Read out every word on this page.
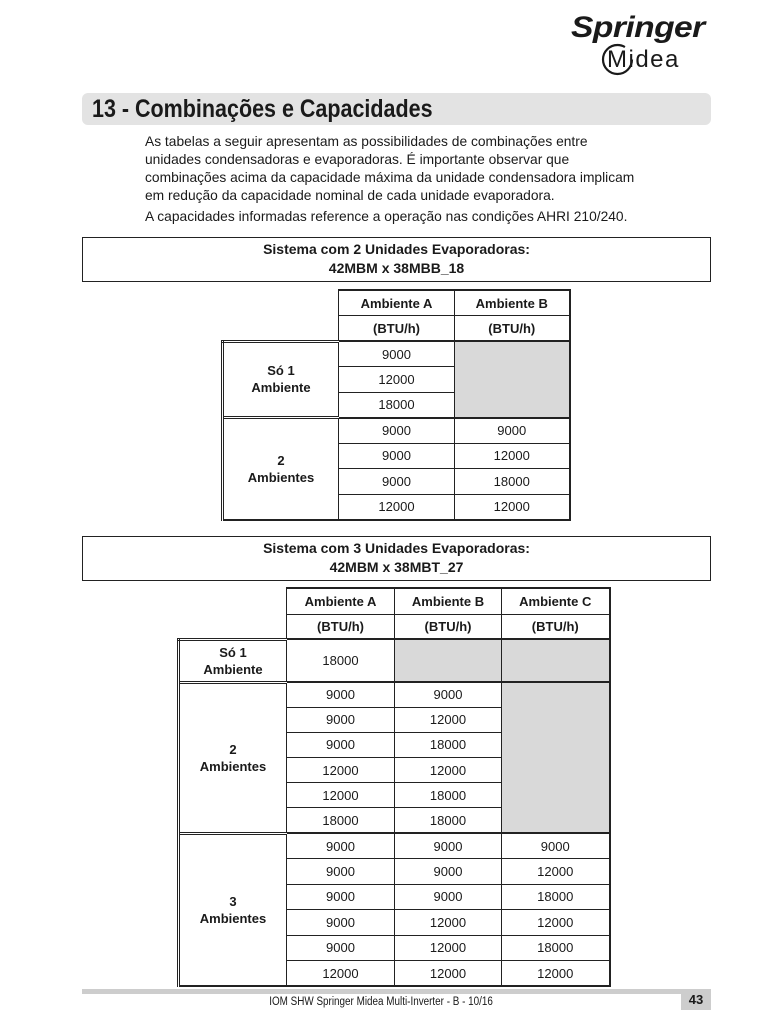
Springer
Midea
13 - Combinações e Capacidades
As tabelas a seguir apresentam as possibilidades de combinações entre
unidades condensadoras e evaporadoras. É importante observar que
combinações acima da capacidade máxima da unidade condensadora implicam
em redução da capacidade nominal de cada unidade evaporadora.
A capacidades informadas reference a operação nas condições AHRI 210/240.
Sistema com 2 Unidades Evaporadoras:
42MBM x 38MBB_18
	Ambiente A	Ambiente B
	(BTU/h)	(BTU/h)

Só 1
Ambiente	9000	
	12000	
	18000	

2
Ambientes	9000	9000
	9000	12000
	9000	18000
	12000	12000
Sistema com 3 Unidades Evaporadoras:
42MBM x 38MBT_27
	Ambiente A	Ambiente B	Ambiente C
	(BTU/h)	(BTU/h)	(BTU/h)

Só 1
Ambiente	18000		

2
Ambientes	9000	9000	
	9000	12000	
	9000	18000	
	12000	12000	
	12000	18000	
	18000	18000	

3
Ambientes	9000	9000	9000
	9000	9000	12000
	9000	9000	18000
	9000	12000	12000
	9000	12000	18000
	12000	12000	12000
43
IOM SHW Springer Midea Multi-Inverter - B - 10/16
